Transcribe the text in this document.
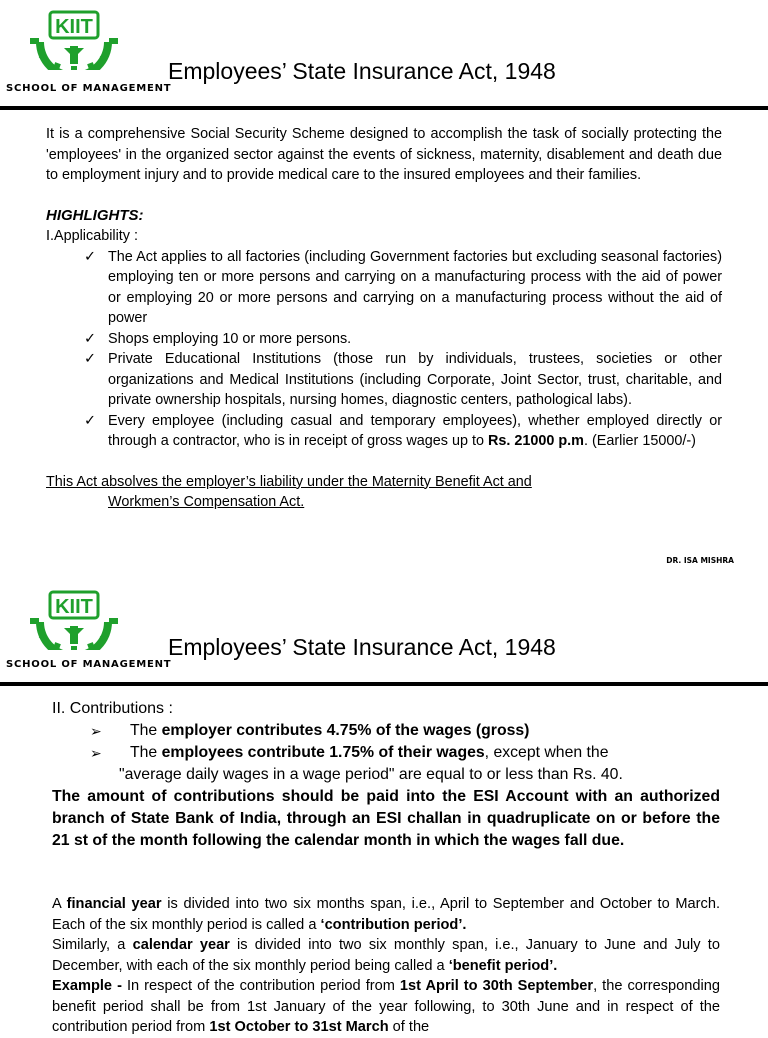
KIIT
SCHOOL OF MANAGEMENT
Employees’ State Insurance Act, 1948

It is a comprehensive Social Security Scheme designed to accomplish the task of socially protecting the 'employees' in the organized sector against the events of sickness, maternity, disablement and death due to employment injury and to provide medical care to the insured employees and their families.

HIGHLIGHTS:

I.Applicability :

✓ The Act applies to all factories (including Government factories but excluding seasonal factories) employing ten or more persons and carrying on a manufacturing process with the aid of power or employing 20 or more persons and carrying on a manufacturing process without the aid of power
✓ Shops employing 10 or more persons.
✓ Private Educational Institutions (those run by individuals, trustees, societies or other organizations and Medical Institutions (including Corporate, Joint Sector, trust, charitable, and private ownership hospitals, nursing homes, diagnostic centers, pathological labs).
✓ Every employee (including casual and temporary employees), whether employed directly or through a contractor, who is in receipt of gross wages up to Rs. 21000 p.m. (Earlier 15000/-)

This Act absolves the employer’s liability under the Maternity Benefit Act and

Workmen’s Compensation Act.

DR. ISA MISHRA
KIIT
SCHOOL OF MANAGEMENT
Employees’ State Insurance Act, 1948

II. Contributions :

➢ The employer contributes 4.75% of the wages (gross)
➢ The employees contribute 1.75% of their wages, except when the

"average daily wages in a wage period" are equal to or less than Rs. 40.

The amount of contributions should be paid into the ESI Account with an authorized branch of State Bank of India, through an ESI challan in quadruplicate on or before the 21 st of the month following the calendar month in which the wages fall due.

A financial year is divided into two six months span, i.e., April to September and October to March. Each of the six monthly period is called a ‘contribution period’.

Similarly, a calendar year is divided into two six monthly span, i.e., January to June and July to December, with each of the six monthly period being called a ‘benefit period’.

Example - In respect of the contribution period from 1st April to 30th September, the corresponding benefit period shall be from 1st January of the year following, to 30th June and in respect of the contribution period from 1st October to 31st March of the
